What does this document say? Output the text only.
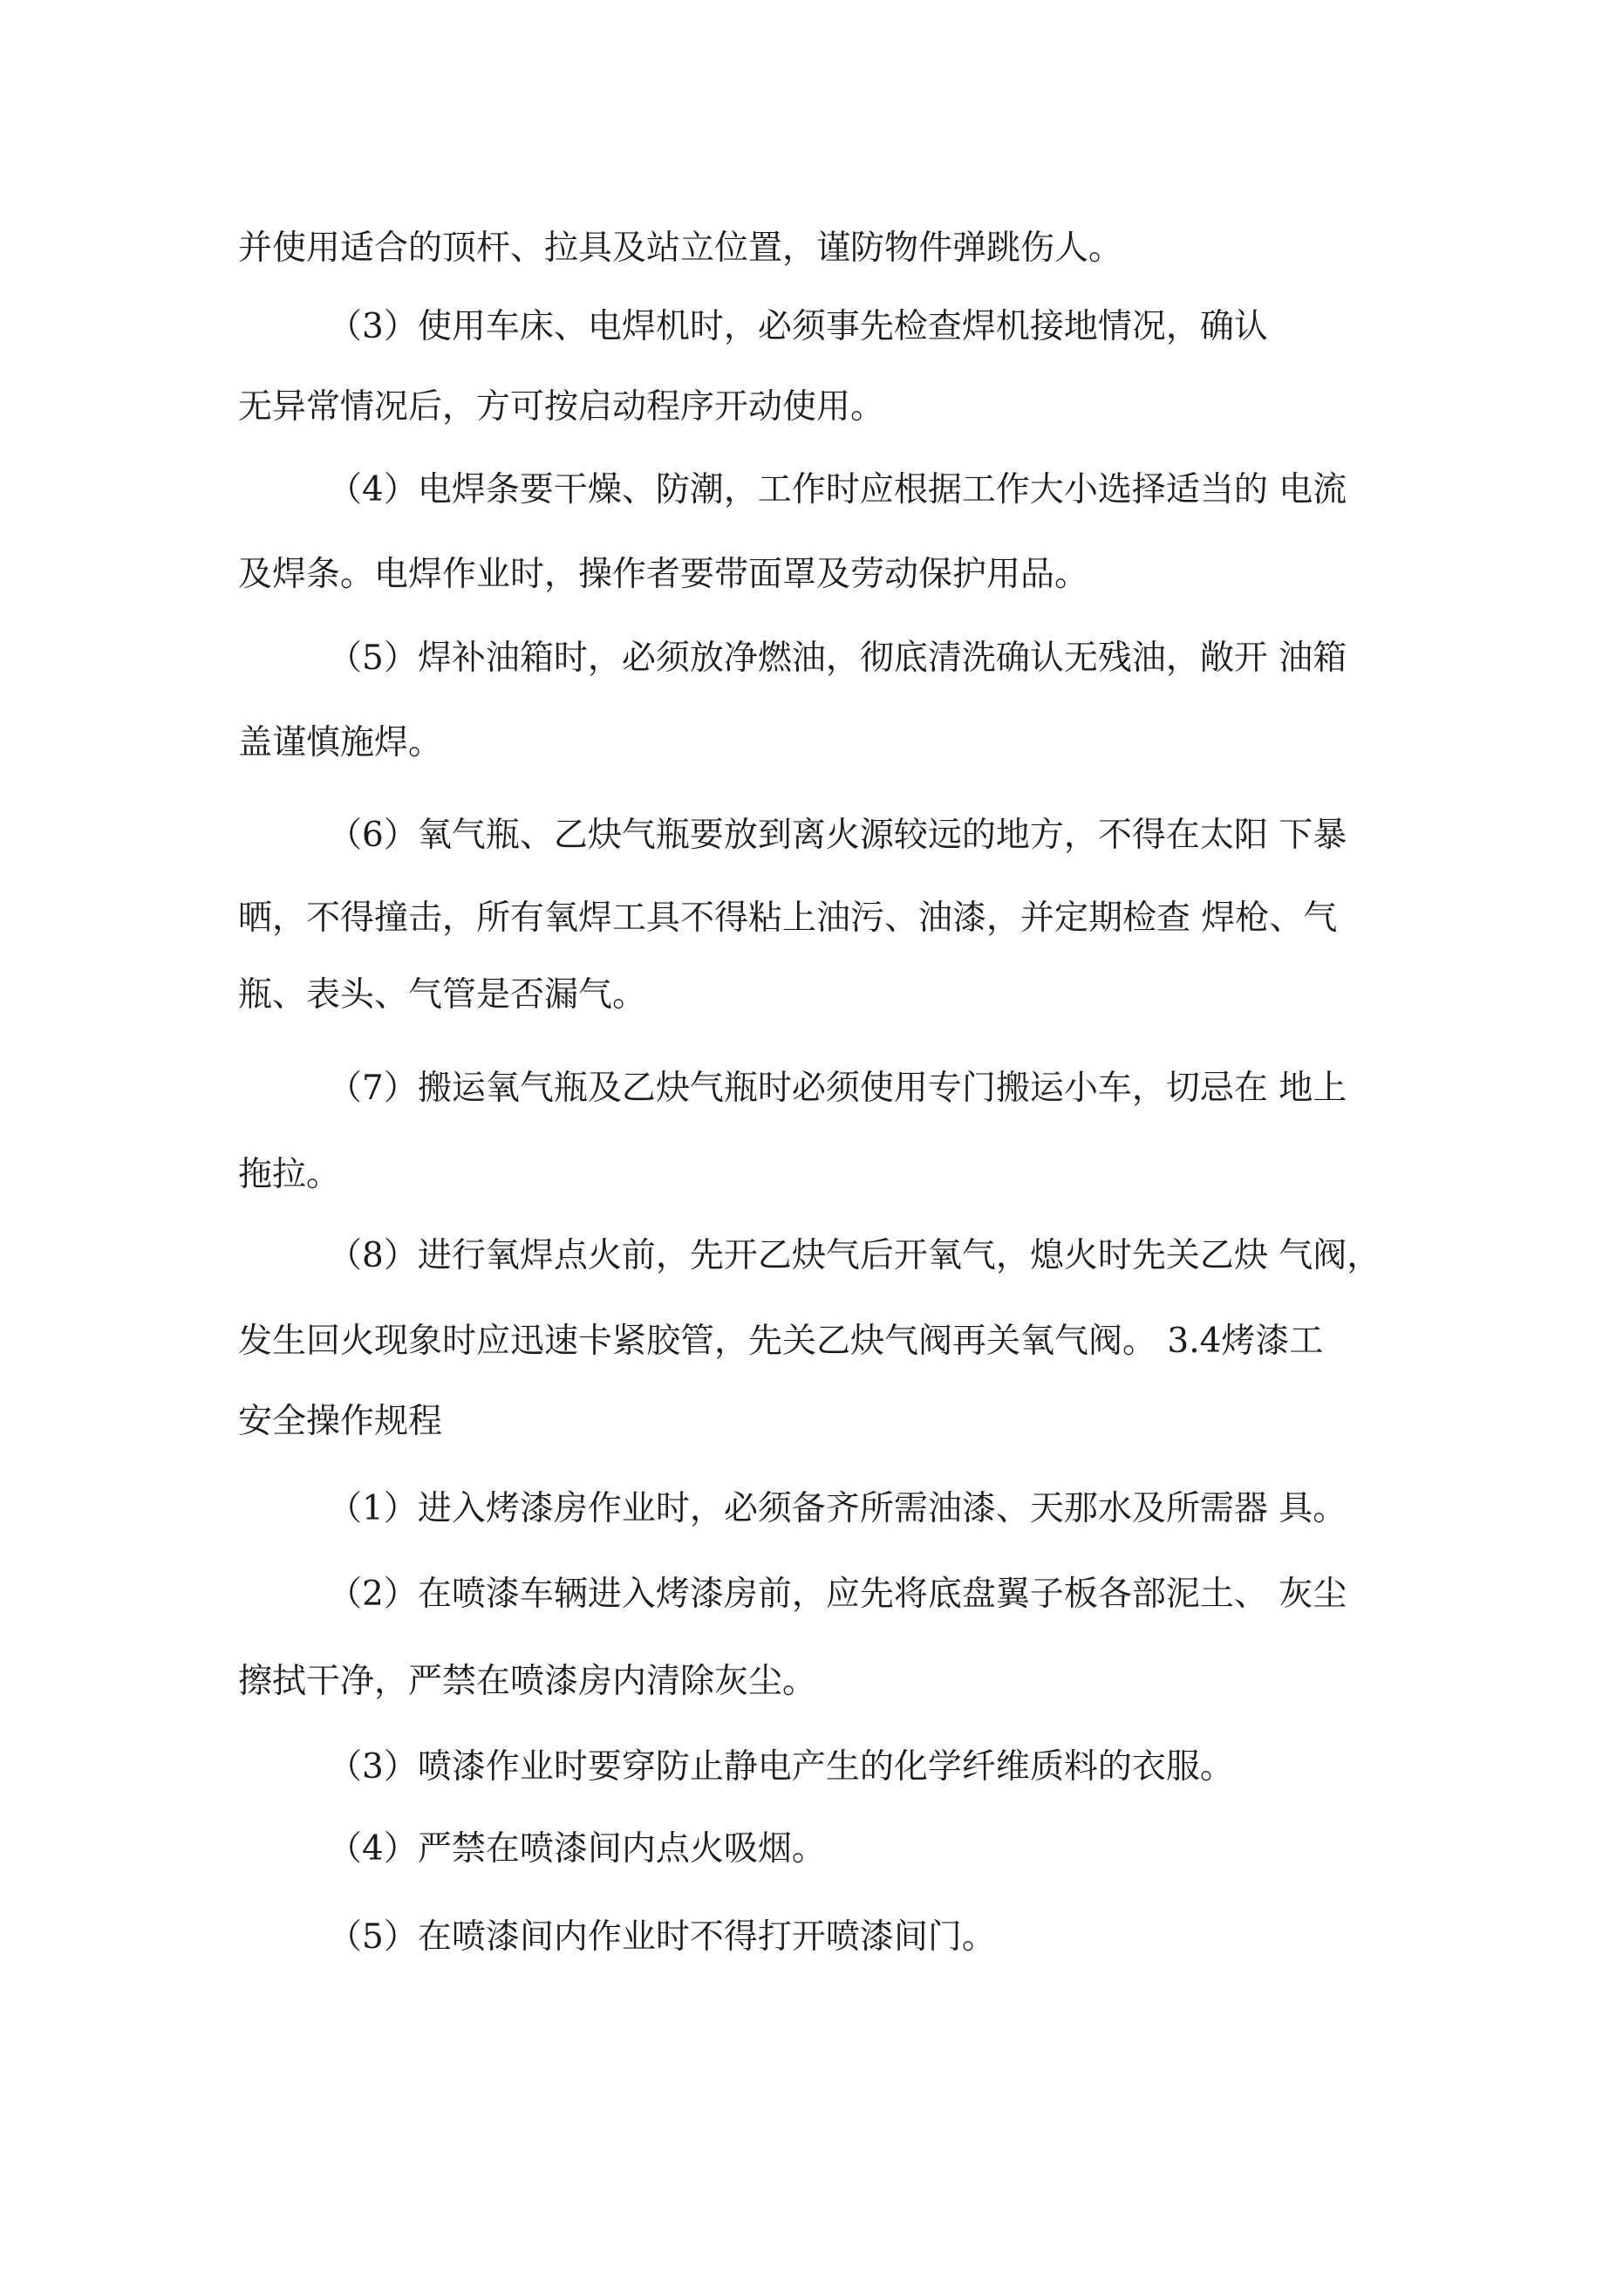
并使用适合的顶杆、拉具及站立位置，谨防物件弹跳伤人。
（3）使用车床、电焊机时，必须事先检查焊机接地情况，确认
无异常情况后，方可按启动程序开动使用。
（4）电焊条要干燥、防潮，工作时应根据工作大小选择适当的 电流
及焊条。电焊作业时，操作者要带面罩及劳动保护用品。
（5）焊补油箱时，必须放净燃油，彻底清洗确认无残油，敞开 油箱
盖谨慎施焊。
（6）氧气瓶、乙炔气瓶要放到离火源较远的地方，不得在太阳 下暴
晒，不得撞击，所有氧焊工具不得粘上油污、油漆，并定期检查 焊枪、气
瓶、表头、气管是否漏气。
（7）搬运氧气瓶及乙炔气瓶时必须使用专门搬运小车，切忌在 地上
拖拉。
（8）进行氧焊点火前，先开乙炔气后开氧气，熄火时先关乙炔 气阀，
发生回火现象时应迅速卡紧胶管，先关乙炔气阀再关氧气阀。 3.4烤漆工
安全操作规程
（1）进入烤漆房作业时，必须备齐所需油漆、天那水及所需器 具。
（2）在喷漆车辆进入烤漆房前，应先将底盘翼子板各部泥土、 灰尘
擦拭干净，严禁在喷漆房内清除灰尘。
（3）喷漆作业时要穿防止静电产生的化学纤维质料的衣服。
（4）严禁在喷漆间内点火吸烟。
（5）在喷漆间内作业时不得打开喷漆间门。
